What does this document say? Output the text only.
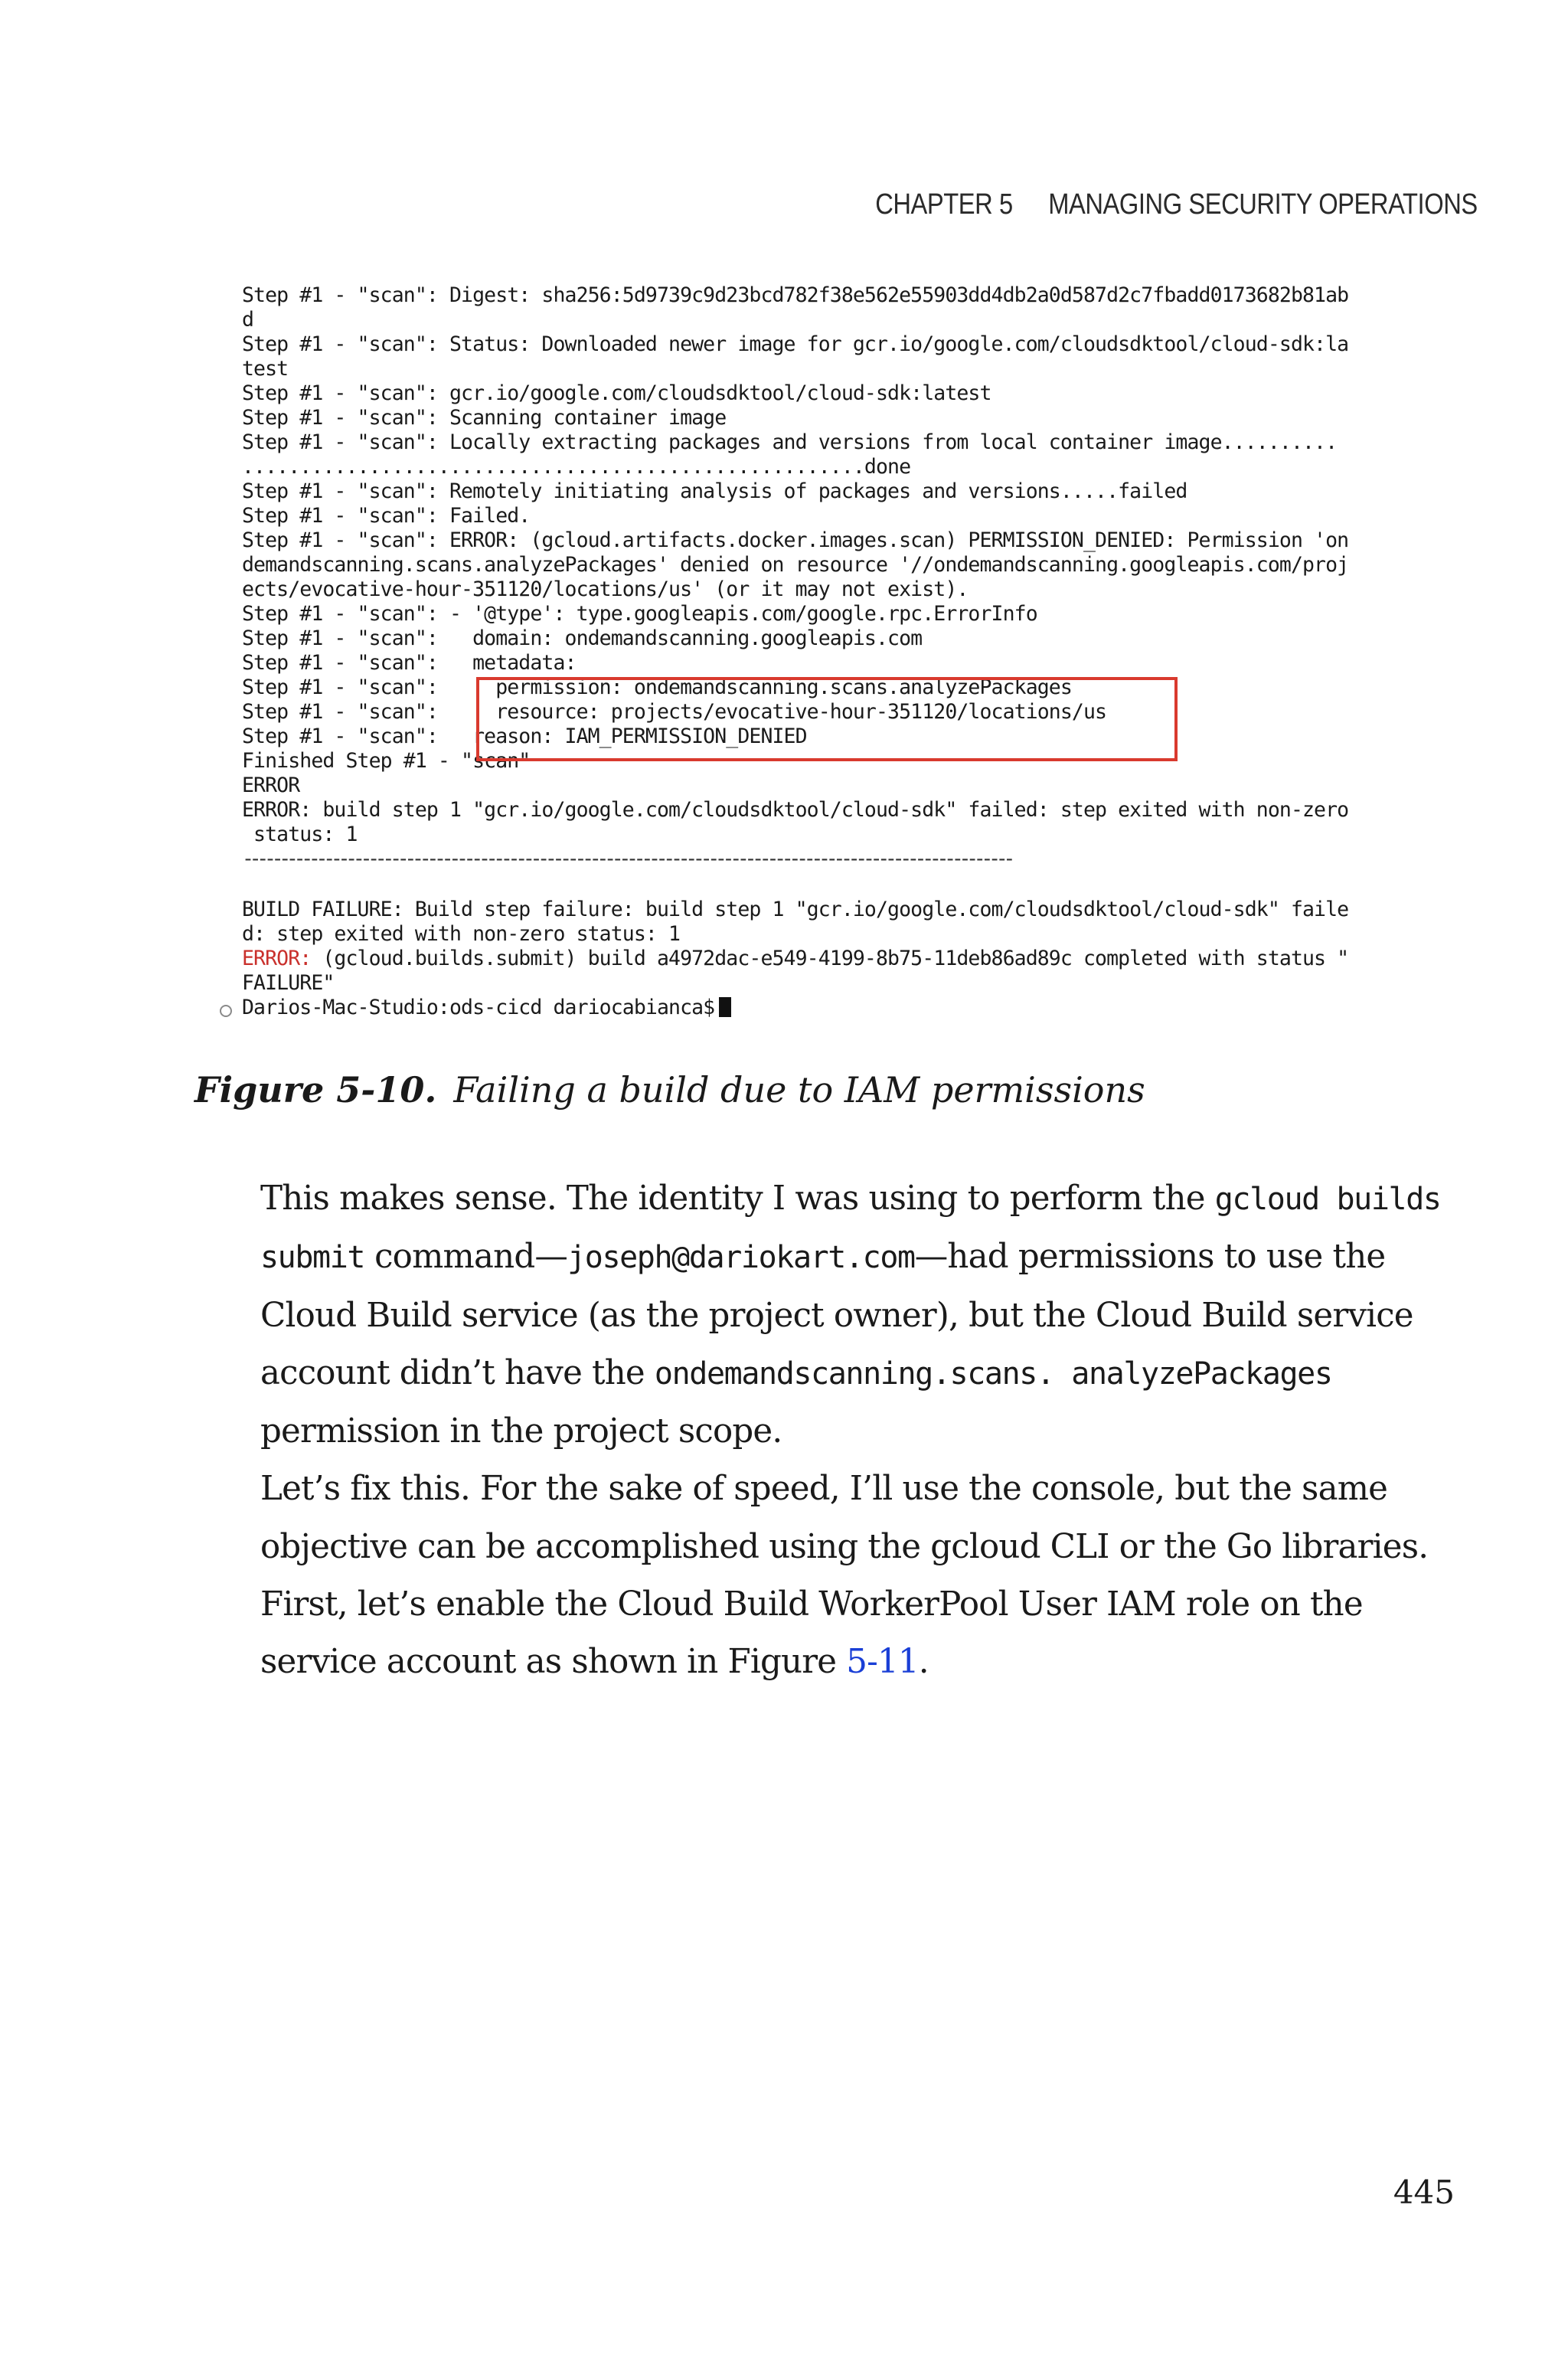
CHAPTER 5 MANAGING SECURITY OPERATIONS
Step #1 - "scan": Digest: sha256:5d9739c9d23bcd782f38e562e55903dd4db2a0d587d2c7fbadd0173682b81ab
d
Step #1 - "scan": Status: Downloaded newer image for gcr.io/google.com/cloudsdktool/cloud-sdk:la
test
Step #1 - "scan": gcr.io/google.com/cloudsdktool/cloud-sdk:latest
Step #1 - "scan": Scanning container image
Step #1 - "scan": Locally extracting packages and versions from local container image..........
......................................................done
Step #1 - "scan": Remotely initiating analysis of packages and versions.....failed
Step #1 - "scan": Failed.
Step #1 - "scan": ERROR: (gcloud.artifacts.docker.images.scan) PERMISSION_DENIED: Permission 'on
demandscanning.scans.analyzePackages' denied on resource '//ondemandscanning.googleapis.com/proj
ects/evocative-hour-351120/locations/us' (or it may not exist).
Step #1 - "scan": - '@type': type.googleapis.com/google.rpc.ErrorInfo
Step #1 - "scan":   domain: ondemandscanning.googleapis.com
Step #1 - "scan":   metadata:
Step #1 - "scan":     permission: ondemandscanning.scans.analyzePackages
Step #1 - "scan":     resource: projects/evocative-hour-351120/locations/us
Step #1 - "scan":   reason: IAM_PERMISSION_DENIED
Finished Step #1 - "scan"
ERROR
ERROR: build step 1 "gcr.io/google.com/cloudsdktool/cloud-sdk" failed: step exited with non-zero
status: 1
--------------------------------------------------------------------------------------------------------
BUILD FAILURE: Build step failure: build step 1 "gcr.io/google.com/cloudsdktool/cloud-sdk" faile
d: step exited with non-zero status: 1
ERROR: (gcloud.builds.submit) build a4972dac-e549-4199-8b75-11deb86ad89c completed with status "
FAILURE"
Darios-Mac-Studio:ods-cicd dariocabianca$
Figure 5-10. Failing a build due to IAM permissions

This makes sense. The identity I was using to perform the gcloud builds submit command—joseph@dariokart.com—had permissions to use the Cloud Build service (as the project owner), but the Cloud Build service account didn’t have the ondemandscanning.scans. analyzePackages permission in the project scope.

Let’s fix this. For the sake of speed, I’ll use the console, but the same objective can be accomplished using the gcloud CLI or the Go libraries.

First, let’s enable the Cloud Build WorkerPool User IAM role on the service account as shown in Figure 5-11.

445
